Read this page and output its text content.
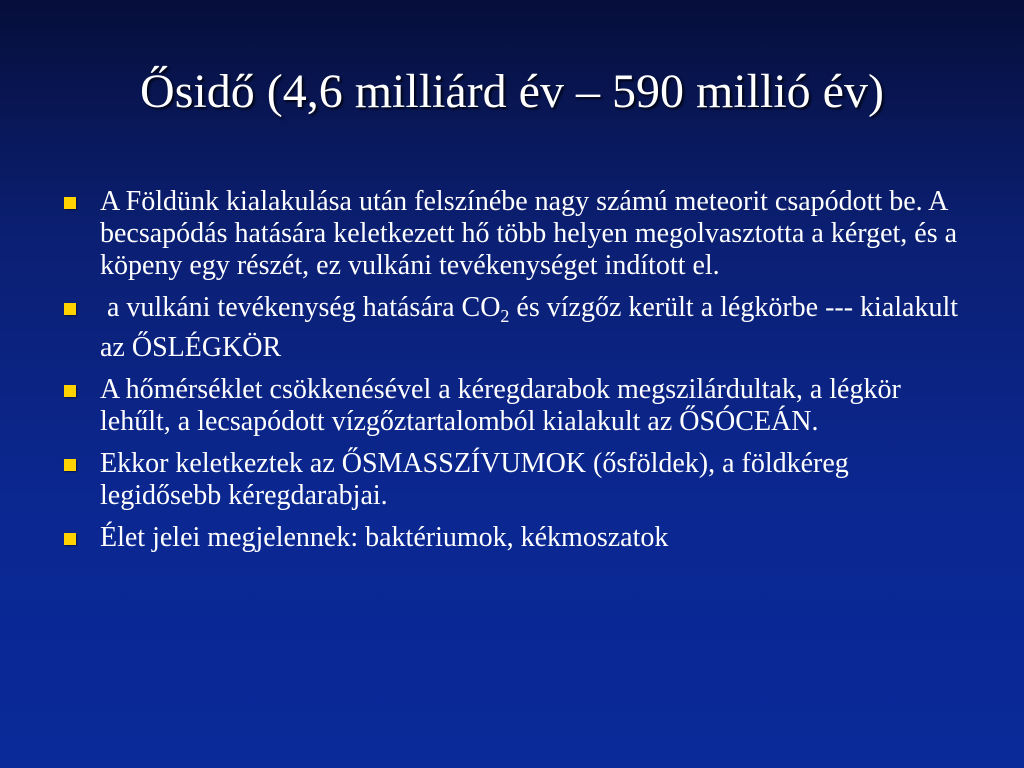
Ősidő (4,6 milliárd év – 590 millió év)
A Földünk kialakulása után felszínébe nagy számú meteorit csapódott be. A becsapódás hatására keletkezett hő több helyen megolvasztotta a kérget, és a köpeny egy részét, ez vulkáni tevékenységet indított el.
a vulkáni tevékenység hatására $CO_2$ és vízgőz került a légkörbe --- kialakult az ŐSLÉGKÖR
A hőmérséklet csökkenésével a kéregdarabok megszilárdultak, a légkör lehűlt, a lecsapódott vízgőztartalomból kialakult az ŐSÓCEÁN.
Ekkor keletkeztek az ŐSMASSZÍVUMOK (ősföldek), a földkéreg legidősebb kéregdarabjai.
Élet jelei megjelennek: baktériumok, kékmoszatok
